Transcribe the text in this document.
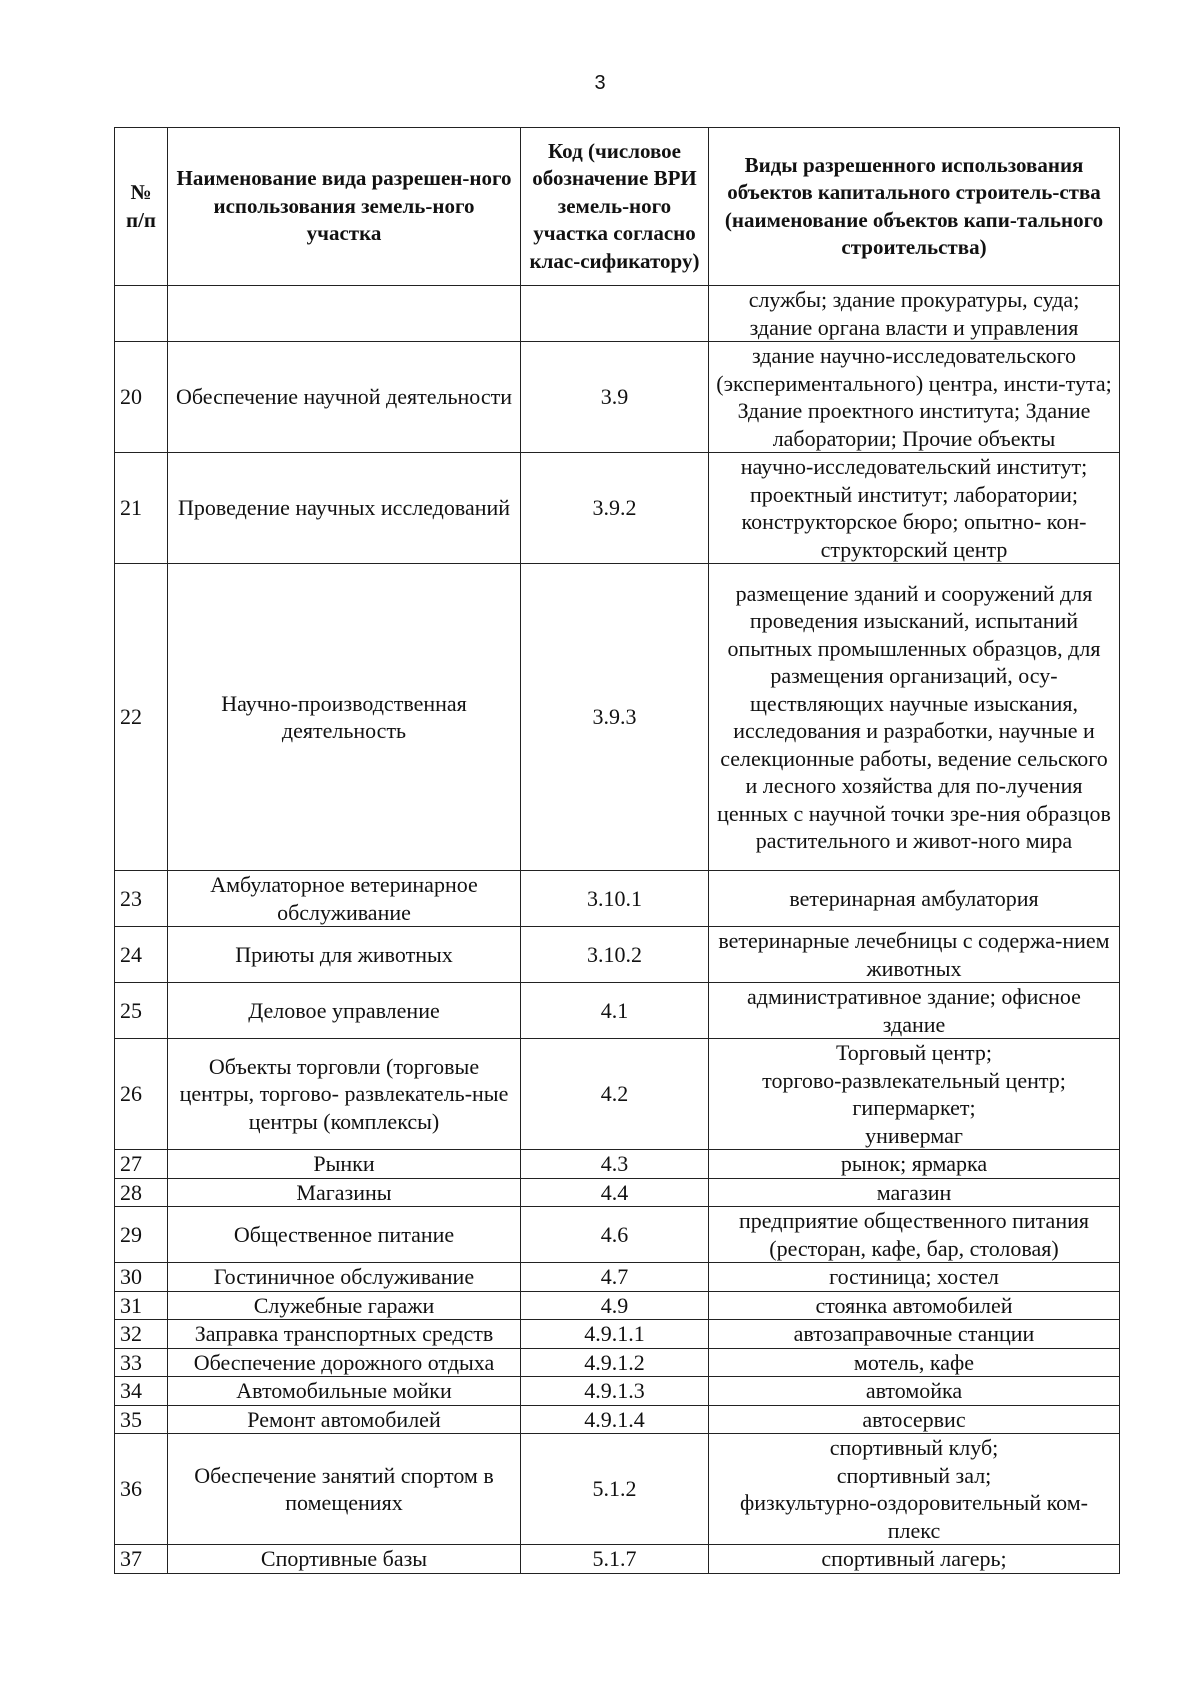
3
№ п/п	Наименование вида разрешен-ного использования земель-ного участка	Код (числовое обозначение ВРИ земель-ного участка согласно клас-сификатору)	Виды разрешенного использования объектов капитального строитель-ства (наименование объектов капи-тального строительства)
			службы; здание прокуратуры, суда; здание органа власти и управления
20	Обеспечение научной деятельности	3.9	здание научно-исследовательского (экспериментального) центра, инсти-тута; Здание проектного института; Здание лаборатории; Прочие объекты
21	Проведение научных исследований	3.9.2	научно-исследовательский институт; проектный институт; лаборатории; конструкторское бюро; опытно- кон-структорский центр
22	Научно-производственная деятельность	3.9.3	размещение зданий и сооружений для проведения изысканий, испытаний опытных промышленных образцов, для размещения организаций, осу-ществляющих научные изыскания, исследования и разработки, научные и селекционные работы, ведение сельского и лесного хозяйства для по-лучения ценных с научной точки зре-ния образцов растительного и живот-ного мира
23	Амбулаторное ветеринарное обслуживание	3.10.1	ветеринарная амбулатория
24	Приюты для животных	3.10.2	ветеринарные лечебницы с содержа-нием животных
25	Деловое управление	4.1	административное здание; офисное здание
26	Объекты торговли (торговые центры, торгово- развлекатель-ные центры (комплексы)	4.2	Торговый центр;
торгово-развлекательный центр;
гипермаркет;
универмаг
27	Рынки	4.3	рынок; ярмарка
28	Магазины	4.4	магазин
29	Общественное питание	4.6	предприятие общественного питания (ресторан, кафе, бар, столовая)
30	Гостиничное обслуживание	4.7	гостиница; хостел
31	Служебные гаражи	4.9	стоянка автомобилей
32	Заправка транспортных средств	4.9.1.1	автозаправочные станции
33	Обеспечение дорожного отдыха	4.9.1.2	мотель, кафе
34	Автомобильные мойки	4.9.1.3	автомойка
35	Ремонт автомобилей	4.9.1.4	автосервис
36	Обеспечение занятий спортом в помещениях	5.1.2	спортивный клуб;
спортивный зал;
физкультурно-оздоровительный ком-плекс
37	Спортивные базы	5.1.7	спортивный лагерь;
